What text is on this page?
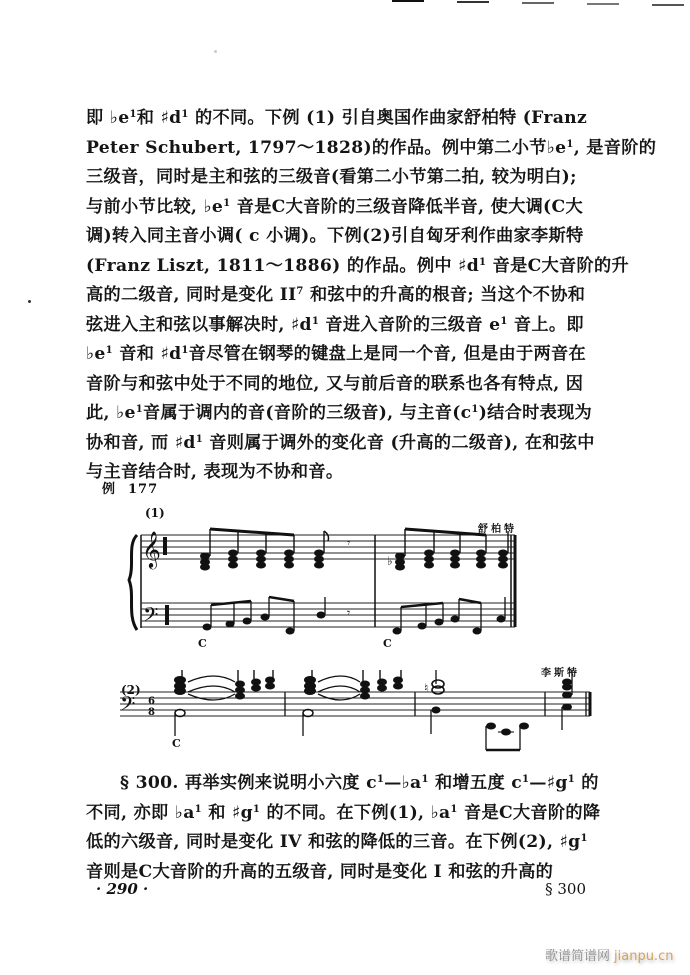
即 $♭e^1$和 $♯d^1$ 的不同。下例 (1) 引自奥国作曲家舒柏特 (Franz
Peter Schubert, 1797～1828)的作品。例中第二小节$♭e^1$, 是音阶的
三级音，同时是主和弦的三级音(看第二小节第二拍, 较为明白);
与前小节比较, $♭e^1$ 音是C大音阶的三级音降低半音, 使大调(C大
调)转入同主音小调( c 小调)。下例(2)引自匈牙利作曲家李斯特
(Franz Liszt, 1811～1886) 的作品。例中 $♯d^1$ 音是C大音阶的升
高的二级音, 同时是变化 $II^7$ 和弦中的升高的根音; 当这个不协和
弦进入主和弦以事解决时, $♯d^1$ 音进入音阶的三级音 $e^1$ 音上。即
$♭e^1$ 音和 $♯d^1$音尽管在钢琴的键盘上是同一个音, 但是由于两音在
音阶与和弦中处于不同的地位, 又与前后音的联系也各有特点, 因
此, $♭e^1$音属于调内的音(音阶的三级音), 与主音$(c^1)$结合时表现为
协和音, 而 $♯d^1$ 音则属于调外的变化音 (升高的二级音), 在和弦中
与主音结合时, 表现为不协和音。
例 177
(1)
舒柏特
𝄞
𝄢
𝄾
♭
𝄾
C	C
(2)
李斯特
𝄢 6
8
♮
C
§ 300. 再举实例来说明小六度 $c^1—♭a^1$ 和增五度 $c^1—♯g^1$ 的
不同, 亦即 $♭a^1$ 和 $♯g^1$ 的不同。在下例(1), $♭a^1$ 音是C大音阶的降
低的六级音, 同时是变化 IV 和弦的降低的三音。在下例(2), $♯g^1$
音则是C大音阶的升高的五级音, 同时是变化 I 和弦的升高的
· 290 ·	§ 300
歌谱简谱网 jianpu.cn
